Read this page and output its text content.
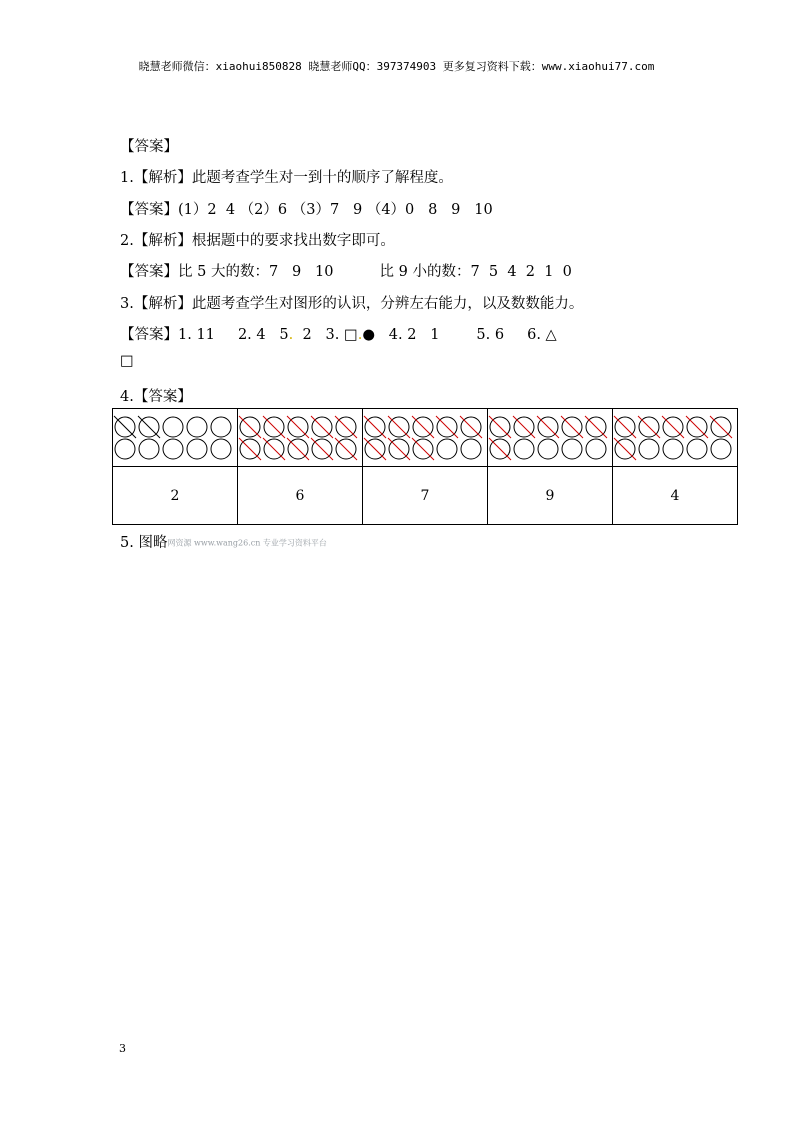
晓慧老师微信：xiaohui850828 晓慧老师QQ：397374903 更多复习资料下载：www.xiaohui77.com
【答案】
1.【解析】此题考查学生对一到十的顺序了解程度。
【答案】(1）2  4 （2）6 （3）7   9 （4）0   8   9   10
2.【解析】根据题中的要求找出数字即可。
【答案】比 5 大的数：7   9   10	比 9 小的数：7  5  4  2  1  0
3.【解析】此题考查学生对图形的认识，分辨左右能力，以及数数能力。
【答案】1. 11     2. 4   5.  2   3. □.●   4. 2   1        5. 6     6. △
□
4.【答案】

2	6	7	9	4
5. 图略网资源 www.wang26.cn 专业学习资料平台
3
